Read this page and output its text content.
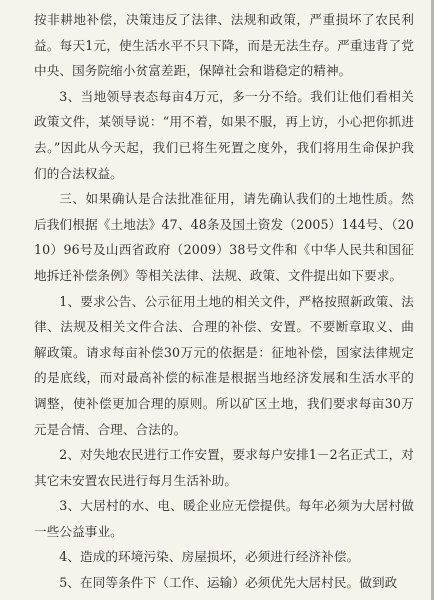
按非耕地补偿，决策违反了法律、法规和政策，严重损坏了农民利益。每天1元，使生活水平不只下降，而是无法生存。严重违背了党中央、国务院缩小贫富差距，保障社会和谐稳定的精神。

3、当地领导表态每亩4万元，多一分不给。我们让他们看相关政策文件，某领导说：“用不着，如果不服，再上访，小心把你抓进去。”因此从今天起，我们已将生死置之度外，我们将用生命保护我们的合法权益。

三、如果确认是合法批准征用，请先确认我们的土地性质。然后我们根据《土地法》47、48条及国土资发（2005）144号、（2010）96号及山西省政府（2009）38号文件和《中华人民共和国征地拆迁补偿条例》等相关法律、法规、政策、文件提出如下要求。

1、要求公告、公示征用土地的相关文件，严格按照新政策、法律、法规及相关文件合法、合理的补偿、安置。不要断章取义、曲解政策。请求每亩补偿30万元的依据是：征地补偿，国家法律规定的是底线，而对最高补偿的标准是根据当地经济发展和生活水平的调整，使补偿更加合理的原则。所以矿区土地，我们要求每亩30万元是合情、合理、合法的。

2、对失地农民进行工作安置，要求每户安排1－2名正式工，对其它未安置农民进行每月生活补助。

3、大居村的水、电、暖企业应无偿提供。每年必须为大居村做一些公益事业。

4、造成的环境污染、房屋损坏，必须进行经济补偿。

5、在同等条件下（工作、运输）必须优先大居村民。做到政
